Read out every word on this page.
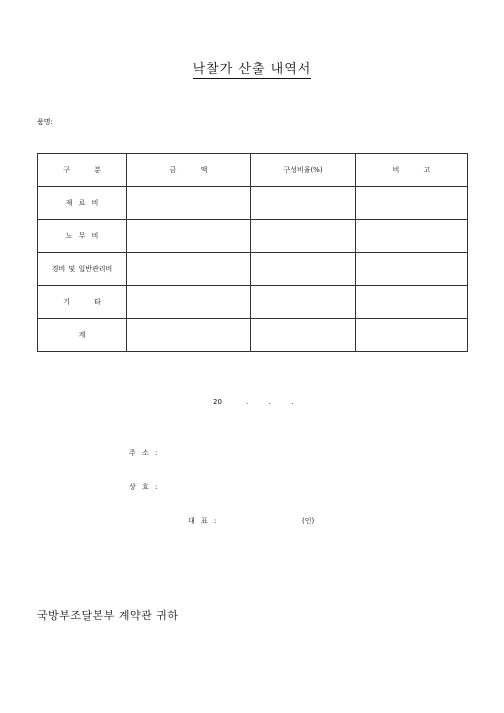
낙찰가 산출 내역서
품명:
구 분	금 액	구성비율(%)	비 고
재 료 비			
노 무 비			
경비 및 일반관리비			
기 타			
계			
20	.	.	.
주 소 :
상 호 :
대 표 :	(인)
국방부조달본부 계약관 귀하
